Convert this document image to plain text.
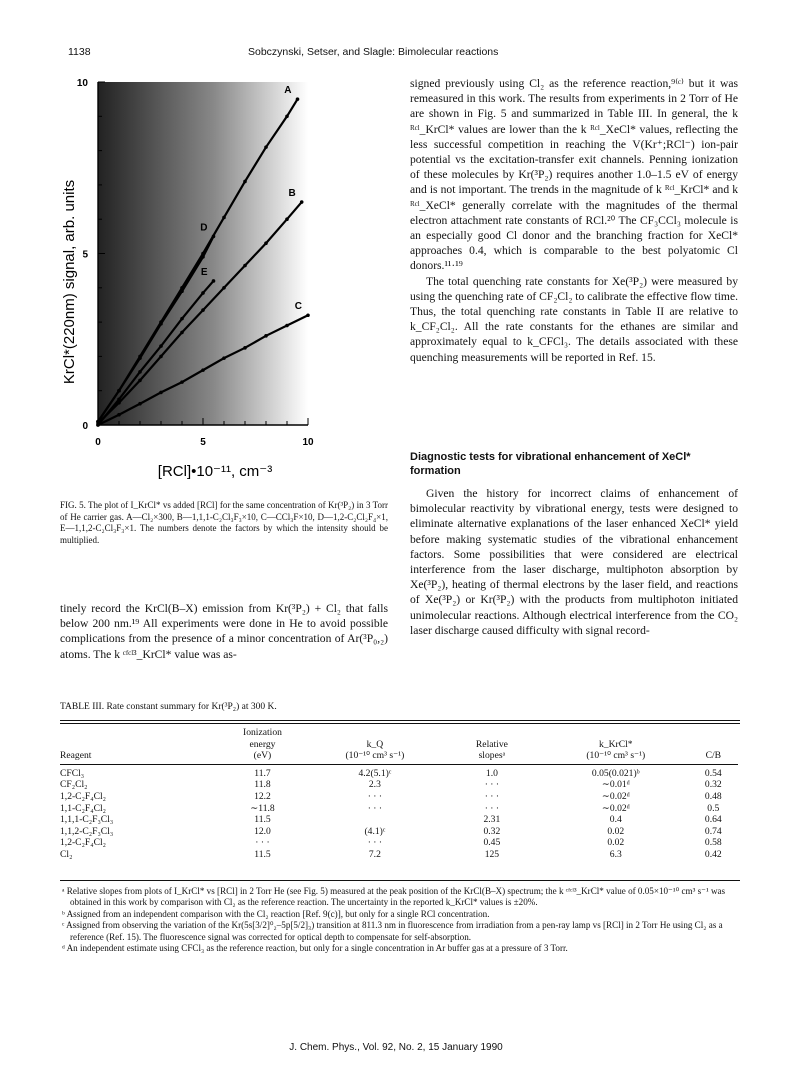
1138	Sobczynski, Setser, and Slagle: Bimolecular reactions
A
B
C
D
E
0	5	10
0
5
10
KrCl*(220nm) signal, arb. units
[RCl]•10⁻¹¹, cm⁻³
FIG. 5. The plot of I_KrCl* vs added [RCl] for the same concentration of Kr(³P₂) in 3 Torr of He carrier gas. A—Cl₂×300, B—1,1,1-C₂Cl₃F₃×10, C—CCl₃F×10, D—1,2-C₂Cl₂F₄×1, E—1,1,2-C₂Cl₃F₃×1. The numbers denote the factors by which the intensity should be multiplied.

tinely record the KrCl(B–X) emission from Kr(³P₂) + Cl₂ that falls below 200 nm.¹⁹ All experiments were done in He to avoid possible complications from the presence of a minor concentration of Ar(³P₀,₂) atoms. The k ᶜᶠᶜˡ³_KrCl* value was as-

signed previously using Cl₂ as the reference reaction,⁹⁽ᶜ⁾ but it was remeasured in this work. The results from experiments in 2 Torr of He are shown in Fig. 5 and summarized in Table III. In general, the k ᴿᶜˡ_KrCl* values are lower than the k ᴿᶜˡ_XeCl* values, reflecting the less successful competition in reaching the V(Kr⁺;RCl⁻) ion-pair potential vs the excitation-transfer exit channels. Penning ionization of these molecules by Kr(³P₂) requires another 1.0–1.5 eV of energy and is not important. The trends in the magnitude of k ᴿᶜˡ_KrCl* and k ᴿᶜˡ_XeCl* generally correlate with the magnitudes of the thermal electron attachment rate constants of RCl.²⁰ The CF₃CCl₃ molecule is an especially good Cl donor and the branching fraction for XeCl* approaches 0.4, which is comparable to the best polyatomic Cl donors.¹¹·¹⁹

The total quenching rate constants for Xe(³P₂) were measured by using the quenching rate of CF₂Cl₂ to calibrate the effective flow time. Thus, the total quenching rate constants in Table II are relative to k_CF₂Cl₂. All the rate constants for the ethanes are similar and approximately equal to k_CFCl₃. The details associated with these quenching measurements will be reported in Ref. 15.

Diagnostic tests for vibrational enhancement of XeCl* formation

Given the history for incorrect claims of enhancement of bimolecular reactivity by vibrational energy, tests were designed to eliminate alternative explanations of the laser enhanced XeCl* yield before making systematic studies of the vibrational enhancement factors. Some possibilities that were considered are electrical interference from the laser discharge, multiphoton absorption by Xe(³P₂), heating of thermal electrons by the laser field, and reactions of Xe(³P₂) or Kr(³P₂) with the products from multiphoton initiated unimolecular reactions. Although electrical interference from the CO₂ laser discharge caused difficulty with signal record-

TABLE III. Rate constant summary for Kr(³P₂) at 300 K.
	Ionization				
	energy	k_Q	Relative	k_KrCl*	
Reagent	(eV)	(10⁻¹⁰ cm³ s⁻¹)	slopesᵃ	(10⁻¹⁰ cm³ s⁻¹)	C/B

CFCl₃	11.7	4.2(5.1)ᶜ	1.0	0.05(0.021)ᵇ	0.54
CF₂Cl₂	11.8	2.3	· · ·	∼0.01ᵈ	0.32
1,2-C₂F₄Cl₂	12.2	· · ·	· · ·	∼0.02ᵈ	0.48
1,1-C₂F₄Cl₂	∼11.8	· · ·	· · ·	∼0.02ᵈ	0.5
1,1,1-C₂F₃Cl₃	11.5		2.31	0.4	0.64
1,1,2-C₂F₃Cl₃	12.0	(4.1)ᶜ	0.32	0.02	0.74
1,2-C₂F₄Cl₂	· · ·	· · ·	0.45	0.02	0.58
Cl₂	11.5	7.2	125	6.3	0.42

ᵃ Relative slopes from plots of I_KrCl* vs [RCl] in 2 Torr He (see Fig. 5) measured at the peak position of the KrCl(B–X) spectrum; the k ᶜᶠᶜˡ³_KrCl* value of 0.05×10⁻¹⁰ cm³ s⁻¹ was obtained in this work by comparison with Cl₂ as the reference reaction. The uncertainty in the reported k_KrCl* values is ±20%.

ᵇ Assigned from an independent comparison with the Cl₂ reaction [Ref. 9(c)], but only for a single RCl concentration.

ᶜ Assigned from observing the variation of the Kr(5s[3/2]⁰₂–5p[5/2]₃) transition at 811.3 nm in fluorescence from irradiation from a pen-ray lamp vs [RCl] in 2 Torr He using Cl₂ as a reference (Ref. 15). The fluorescence signal was corrected for optical depth to compensate for self-absorption.

ᵈ An independent estimate using CFCl₃ as the reference reaction, but only for a single concentration in Ar buffer gas at a pressure of 3 Torr.

J. Chem. Phys., Vol. 92, No. 2, 15 January 1990
